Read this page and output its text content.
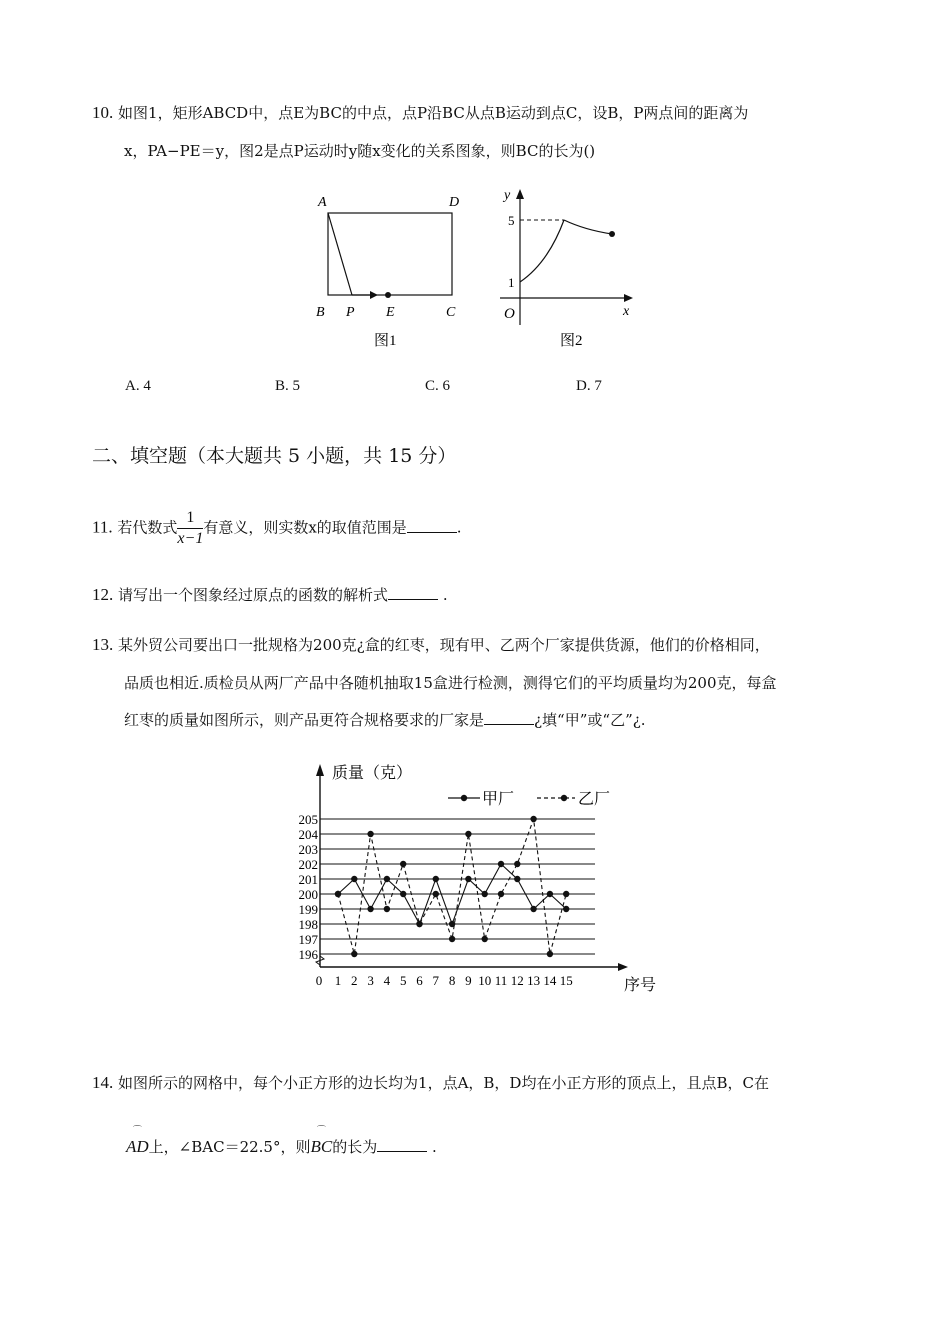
10. 如图1，矩形ABCD中，点E为BC的中点，点P沿BC从点B运动到点C，设B，P两点间的距离为
x，PA−PE＝y，图2是点P运动时y随x变化的关系图象，则BC的长为()
A	D
B P E	C
图1
y
5
1
O	x
图2
A. 4	B. 5	C. 6	D. 7
二、填空题（本大题共 5 小题，共 15 分）
11. 若代数式 $\frac{1}{x-1}$ 有意义，则实数x的取值范围是	.
12. 请写出一个图象经过原点的函数的解析式	.
13. 某外贸公司要出口一批规格为200克¿盒的红枣，现有甲、乙两个厂家提供货源，他们的价格相同，
品质也相近.质检员从两厂产品中各随机抽取15盒进行检测，测得它们的平均质量均为200克，每盒
红枣的质量如图所示，则产品更符合规格要求的厂家是	¿填“甲”或“乙”¿.
196
197
198
199
200
201
202
203
204
205
0 1 2 3 4 5 6 7 8 9 10 11 12 13 14 15
质量（克）
序号
甲厂	乙厂
14. 如图所示的网格中，每个小正方形的边长均为1，点A，B，D均在小正方形的顶点上，且点B，C在
⌒ AD上，∠BAC＝22.5°，则⌒ BC的长为	.
